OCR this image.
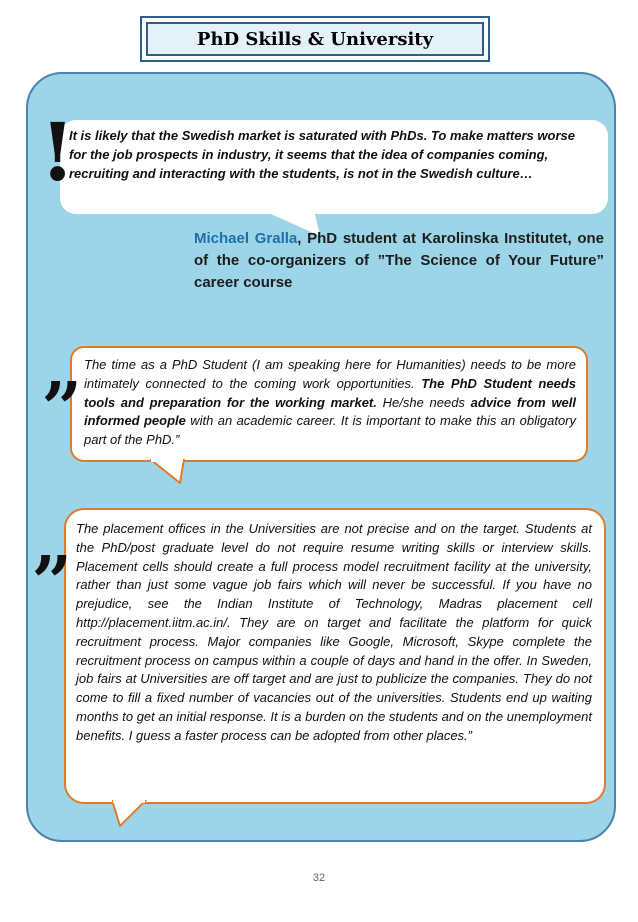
PhD Skills & University

It is likely that the Swedish market is saturated with PhDs. To make matters worse for the job prospects in industry, it seems that the idea of companies coming, recruiting and interacting with the students, is not in the Swedish culture…

!
Michael Gralla, PhD student at Karolinska Institutet, one of the co-organizers of ”The Science of Your Future” career course

The time as a PhD Student (I am speaking here for Humanities) needs to be more intimately connected to the coming work opportunities. The PhD Student needs tools and preparation for the working market. He/she needs advice from well informed people with an academic career. It is important to make this an obligatory part of the PhD.”

,,

The placement offices in the Universities are not precise and on the target. Students at the PhD/post graduate level do not require resume writing skills or interview skills. Placement cells should create a full process model recruitment facility at the university, rather than just some vague job fairs which will never be successful. If you have no prejudice, see the Indian Institute of Technology, Madras placement cell http://placement.iitm.ac.in/. They are on target and facilitate the platform for quick recruitment process. Major companies like Google, Microsoft, Skype complete the recruitment process on campus within a couple of days and hand in the offer. In Sweden, job fairs at Universities are off target and are just to publicize the companies. They do not come to fill a fixed number of vacancies out of the universities. Students end up waiting months to get an initial response. It is a burden on the students and on the unemployment benefits. I guess a faster process can be adopted from other places.”

,,
32
